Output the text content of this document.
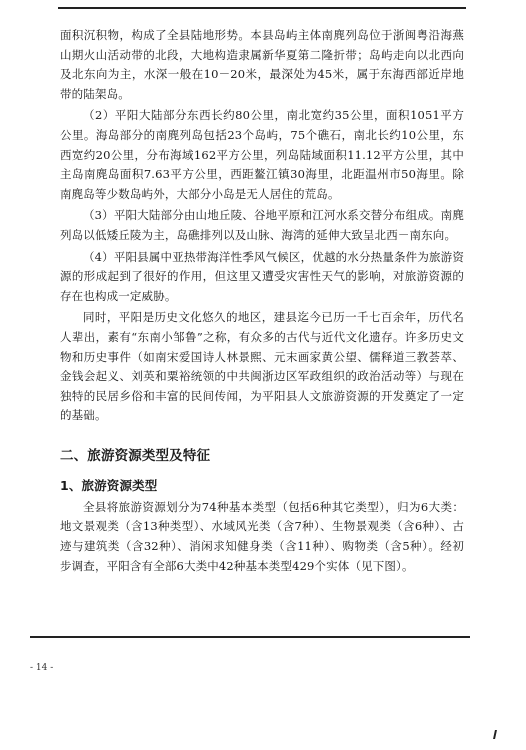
面积沉积物，构成了全县陆地形势。本县岛屿主体南麂列岛位于浙闽粤沿海燕山期火山活动带的北段，大地构造隶属新华夏第二隆折带；岛屿走向以北西向及北东向为主，水深一般在10－20米，最深处为45米，属于东海西部近岸地带的陆架岛。

（2）平阳大陆部分东西长约80公里，南北宽约35公里，面积1051平方公里。海岛部分的南麂列岛包括23个岛屿，75个礁石，南北长约10公里，东西宽约20公里，分布海域162平方公里，列岛陆域面积11.12平方公里，其中主岛南麂岛面积7.63平方公里，西距鳌江镇30海里，北距温州市50海里。除南麂岛等少数岛屿外，大部分小岛是无人居住的荒岛。

（3）平阳大陆部分由山地丘陵、谷地平原和江河水系交替分布组成。南麂列岛以低矮丘陵为主，岛礁排列以及山脉、海湾的延伸大致呈北西－南东向。

（4）平阳县属中亚热带海洋性季风气候区，优越的水分热量条件为旅游资源的形成起到了很好的作用，但这里又遭受灾害性天气的影响，对旅游资源的存在也构成一定威胁。

同时，平阳是历史文化悠久的地区，建县迄今已历一千七百余年，历代名人辈出，素有“东南小邹鲁”之称，有众多的古代与近代文化遗存。许多历史文物和历史事件（如南宋爱国诗人林景熙、元末画家黄公望、儒释道三教荟萃、金钱会起义、刘英和粟裕统领的中共闽浙边区军政组织的政治活动等）与现在独特的民居乡俗和丰富的民间传闻，为平阳县人文旅游资源的开发奠定了一定的基础。

二、旅游资源类型及特征
1、旅游资源类型

全县将旅游资源划分为74种基本类型（包括6种其它类型），归为6大类：地文景观类（含13种类型）、水域风光类（含7种）、生物景观类（含6种）、古迹与建筑类（含32种）、消闲求知健身类（含11种）、购物类（含5种）。经初步调查，平阳含有全部6大类中42种基本类型429个实体（见下图）。

- 14 -
